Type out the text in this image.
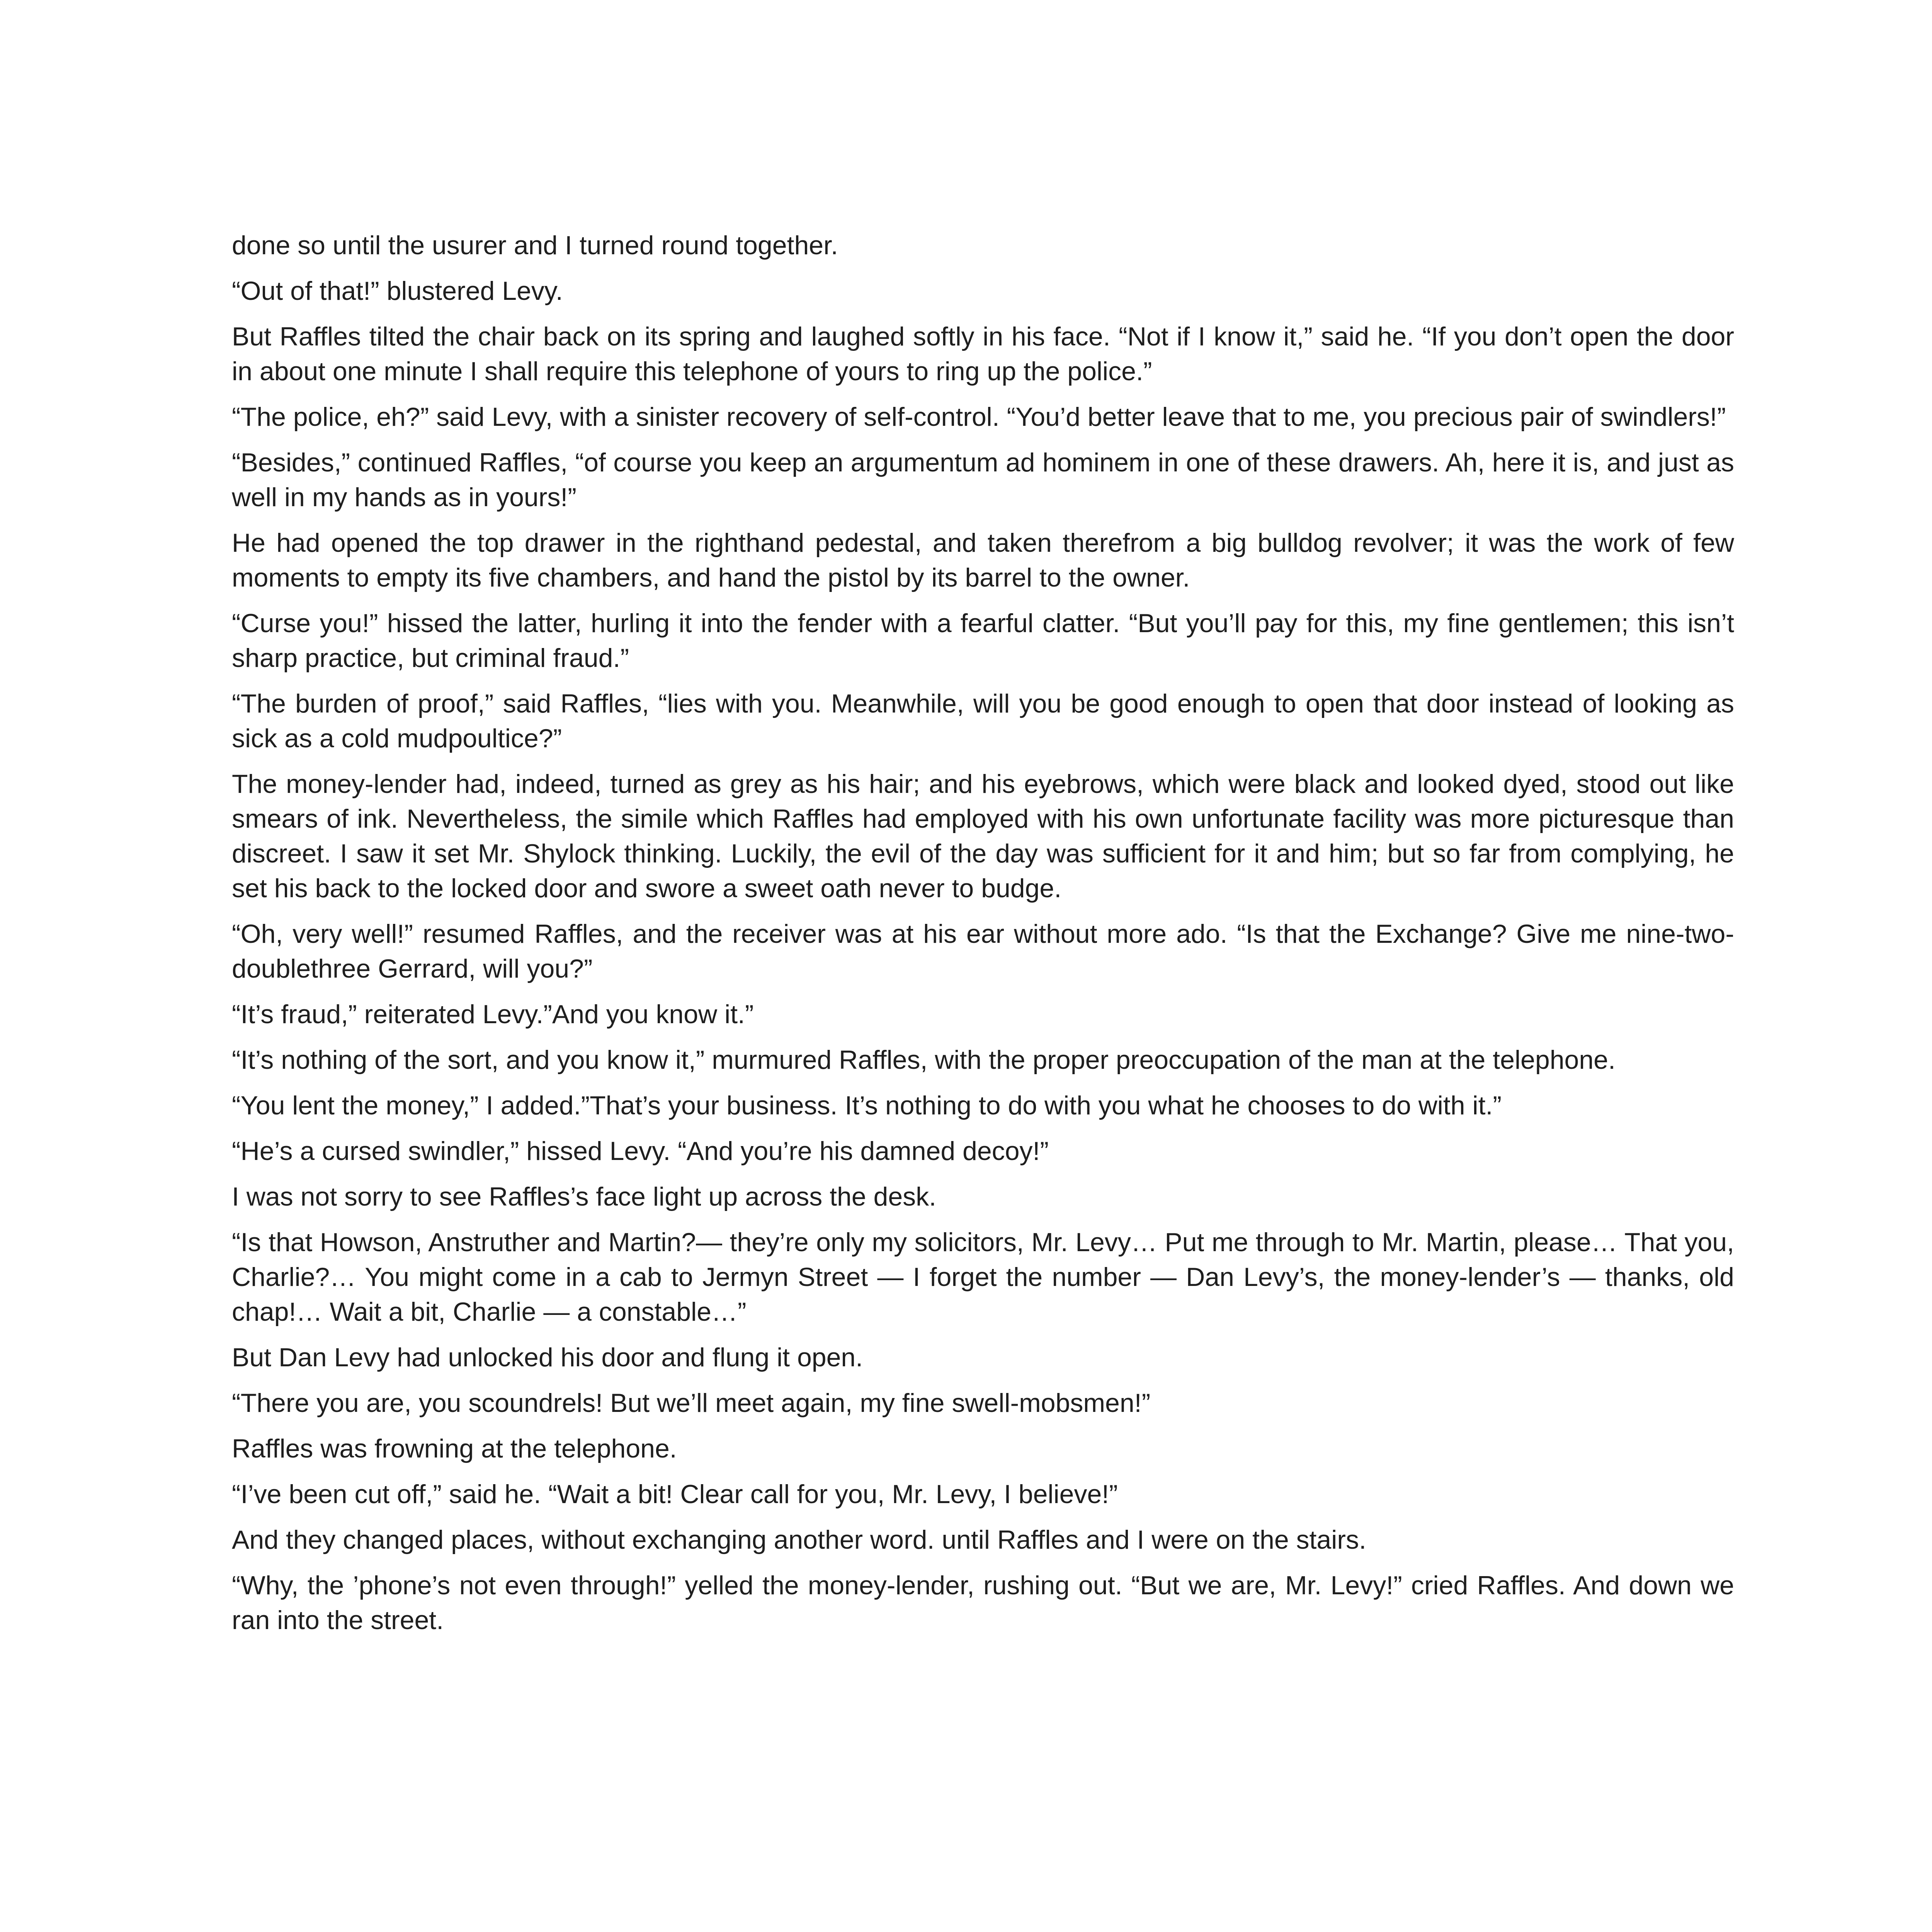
done so until the usurer and I turned round together.

“Out of that!” blustered Levy.

But Raffles tilted the chair back on its spring and laughed softly in his face. “Not if I know it,” said he. “If you don’t open the door in about one minute I shall require this telephone of yours to ring up the police.”

“The police, eh?” said Levy, with a sinister recovery of self-control. “You’d better leave that to me, you precious pair of swindlers!”

“Besides,” continued Raffles, “of course you keep an argumentum ad hominem in one of these drawers. Ah, here it is, and just as well in my hands as in yours!”

He had opened the top drawer in the righthand pedestal, and taken therefrom a big bulldog revolver; it was the work of few moments to empty its five chambers, and hand the pistol by its barrel to the owner.

“Curse you!” hissed the latter, hurling it into the fender with a fearful clatter. “But you’ll pay for this, my fine gentlemen; this isn’t sharp practice, but criminal fraud.”

“The burden of proof,” said Raffles, “lies with you. Meanwhile, will you be good enough to open that door instead of looking as sick as a cold mudpoultice?”

The money-lender had, indeed, turned as grey as his hair; and his eyebrows, which were black and looked dyed, stood out like smears of ink. Nevertheless, the simile which Raffles had employed with his own unfortunate facility was more picturesque than discreet. I saw it set Mr. Shylock thinking. Luckily, the evil of the day was sufficient for it and him; but so far from complying, he set his back to the locked door and swore a sweet oath never to budge.

“Oh, very well!” resumed Raffles, and the receiver was at his ear without more ado. “Is that the Exchange? Give me nine-two-doublethree Gerrard, will you?”

“It’s fraud,” reiterated Levy.”And you know it.”

“It’s nothing of the sort, and you know it,” murmured Raffles, with the proper preoccupation of the man at the telephone.

“You lent the money,” I added.”That’s your business. It’s nothing to do with you what he chooses to do with it.”

“He’s a cursed swindler,” hissed Levy. “And you’re his damned decoy!”

I was not sorry to see Raffles’s face light up across the desk.

“Is that Howson, Anstruther and Martin?— they’re only my solicitors, Mr. Levy… Put me through to Mr. Martin, please… That you, Charlie?… You might come in a cab to Jermyn Street — I forget the number — Dan Levy’s, the money-lender’s — thanks, old chap!… Wait a bit, Charlie — a constable…”

But Dan Levy had unlocked his door and flung it open.

“There you are, you scoundrels! But we’ll meet again, my fine swell-mobsmen!”

Raffles was frowning at the telephone.

“I’ve been cut off,” said he. “Wait a bit! Clear call for you, Mr. Levy, I believe!”

And they changed places, without exchanging another word. until Raffles and I were on the stairs.

“Why, the ’phone’s not even through!” yelled the money-lender, rushing out. “But we are, Mr. Levy!” cried Raffles. And down we ran into the street.
